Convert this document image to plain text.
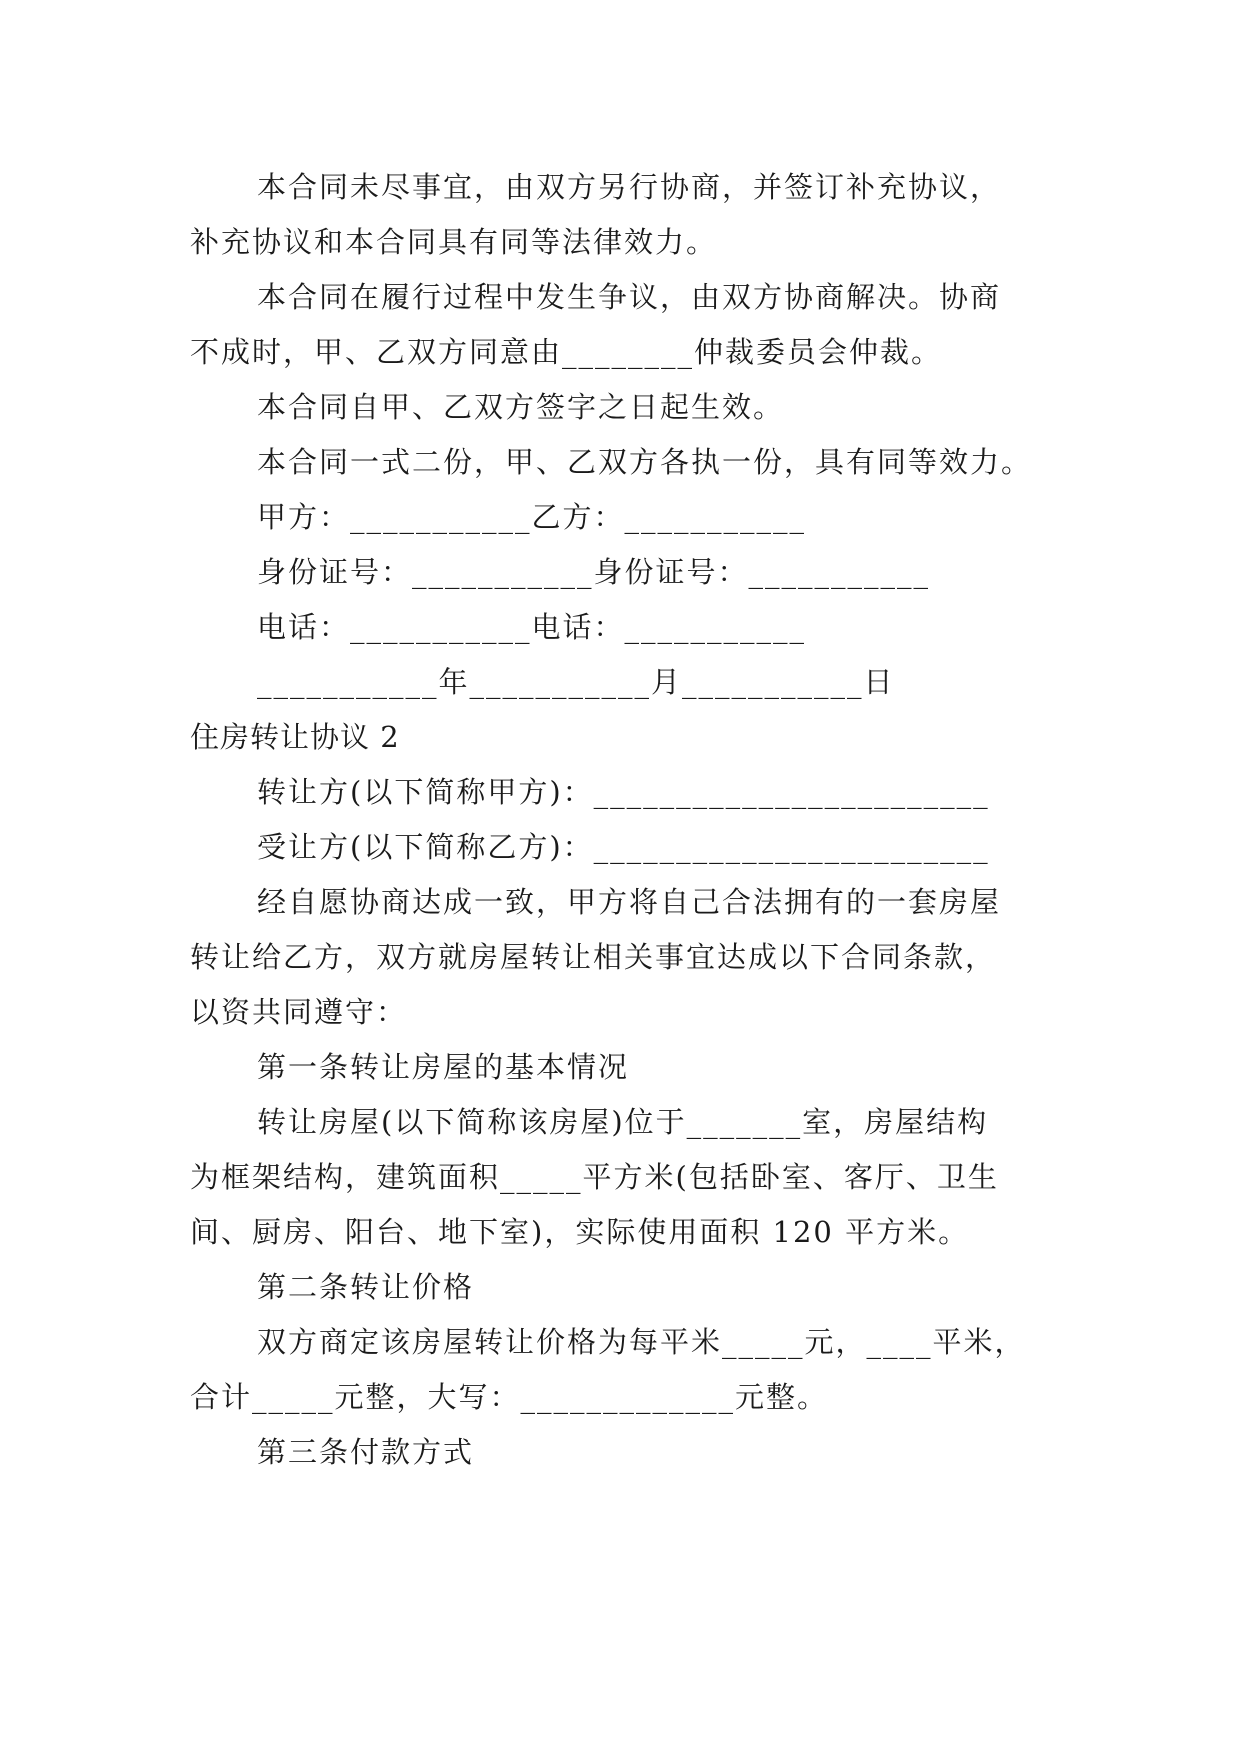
本合同未尽事宜，由双方另行协商，并签订补充协议，
补充协议和本合同具有同等法律效力。
本合同在履行过程中发生争议，由双方协商解决。协商
不成时，甲、乙双方同意由________仲裁委员会仲裁。
本合同自甲、乙双方签字之日起生效。
本合同一式二份，甲、乙双方各执一份，具有同等效力。
甲方：___________乙方：___________
身份证号：___________身份证号：___________
电话：___________电话：___________
___________年___________月___________日
住房转让协议 2
转让方(以下简称甲方)：________________________
受让方(以下简称乙方)：________________________
经自愿协商达成一致，甲方将自己合法拥有的一套房屋
转让给乙方，双方就房屋转让相关事宜达成以下合同条款，
以资共同遵守：
第一条转让房屋的基本情况
转让房屋(以下简称该房屋)位于_______室，房屋结构
为框架结构，建筑面积_____平方米(包括卧室、客厅、卫生
间、厨房、阳台、地下室)，实际使用面积 120 平方米。
第二条转让价格
双方商定该房屋转让价格为每平米_____元，____平米，
合计_____元整，大写：_____________元整。
第三条付款方式
